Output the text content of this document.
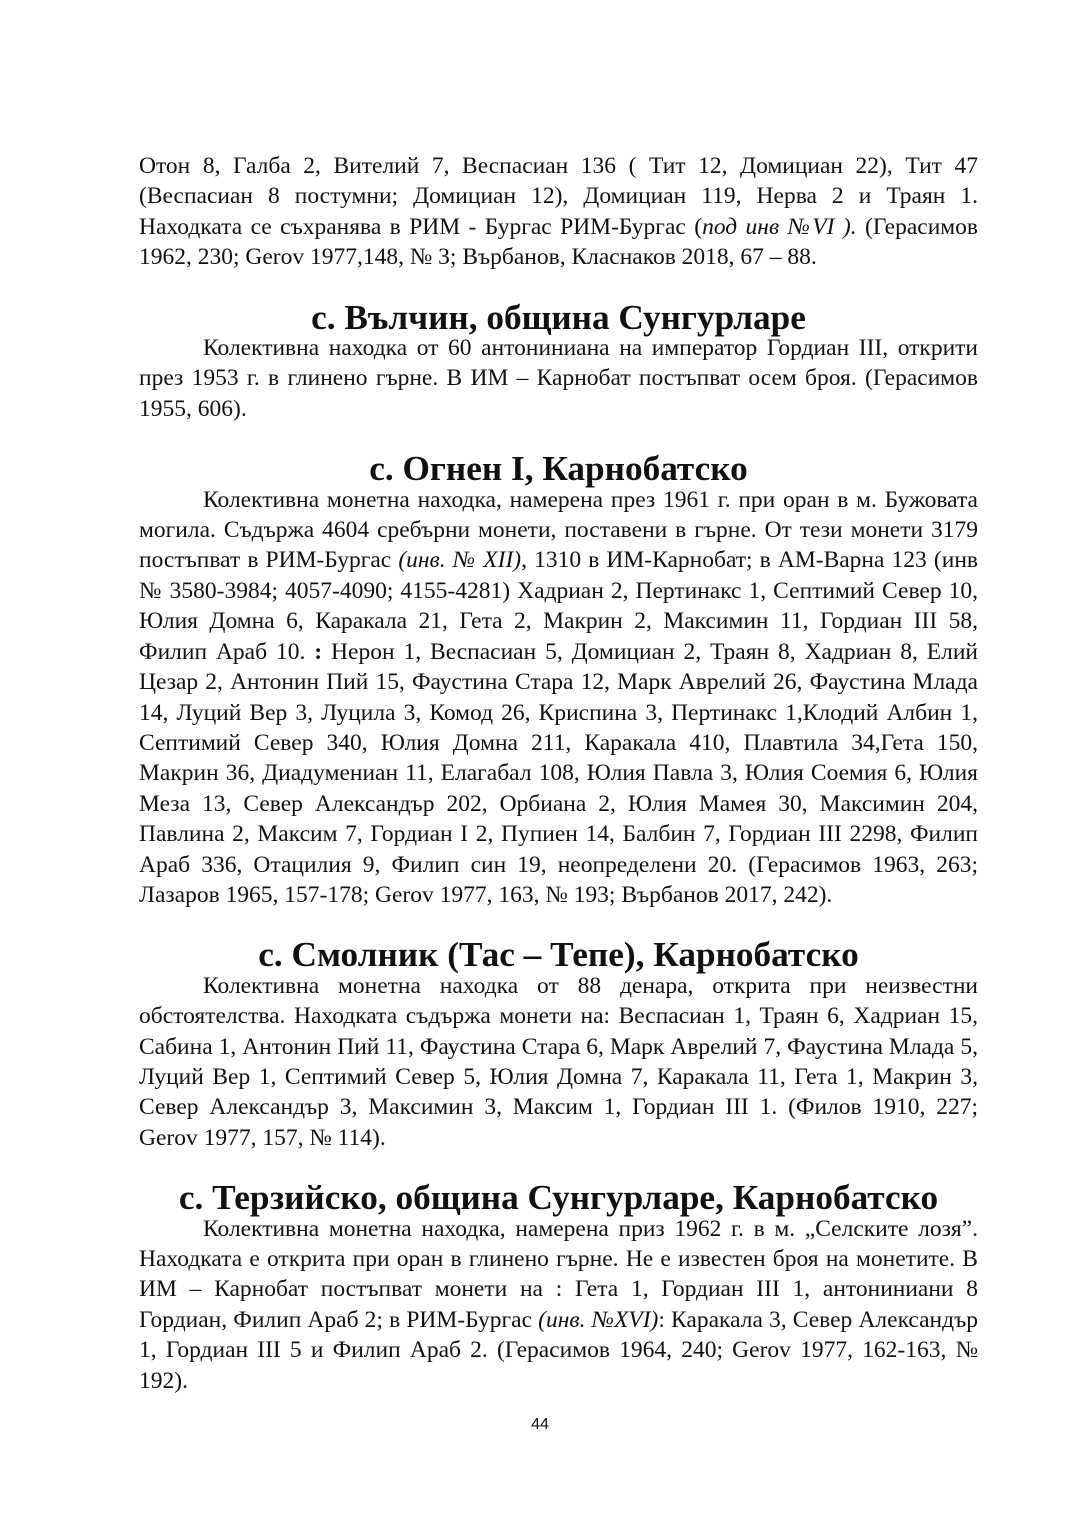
Отон 8, Галба 2, Вителий 7, Веспасиан 136 ( Тит 12, Домициан 22), Тит 47 (Веспасиан 8 постумни; Домициан 12), Домициан 119, Нерва 2 и Траян 1. Находката се съхранява в РИМ - Бургас РИМ-Бургас (под инв №VI ). (Герасимов 1962, 230; Gerov 1977,148, № 3; Върбанов, Класнаков 2018, 67 – 88.

с. Вълчин, община Сунгурларе

Колективна находка от 60 антониниана на император Гордиан III, открити през 1953 г. в глинено гърне. В ИМ – Карнобат постъпват осем броя. (Герасимов 1955, 606).

с. Огнен I, Карнобатско

Колективна монетна находка, намерена през 1961 г. при оран в м. Бужовата могила. Съдържа 4604 сребърни монети, поставени в гърне. От тези монети 3179 постъпват в РИМ-Бургас (инв. № XII), 1310 в ИМ-Карнобат; в АМ-Варна 123 (инв № 3580-3984; 4057-4090; 4155-4281) Хадриан 2, Пертинакс 1, Септимий Север 10, Юлия Домна 6, Каракала 21, Гета 2, Макрин 2, Максимин 11, Гордиан III 58, Филип Араб 10. : Нерон 1, Веспасиан 5, Домициан 2, Траян 8, Хадриан 8, Елий Цезар 2, Антонин Пий 15, Фаустина Стара 12, Марк Аврелий 26, Фаустина Млада 14, Луций Вер 3, Луцила 3, Комод 26, Криспина 3, Пертинакс 1,Клодий Албин 1, Септимий Север 340, Юлия Домна 211, Каракала 410, Плавтила 34,Гета 150, Макрин 36, Диадумениан 11, Елагабал 108, Юлия Павла 3, Юлия Соемия 6, Юлия Меза 13, Север Александър 202, Орбиана 2, Юлия Мамея 30, Максимин 204, Павлина 2, Максим 7, Гордиан I 2, Пупиен 14, Балбин 7, Гордиан III 2298, Филип Араб 336, Отацилия 9, Филип син 19, неопределени 20. (Герасимов 1963, 263; Лазаров 1965, 157-178; Gerov 1977, 163, № 193; Върбанов 2017, 242).

с. Смолник (Тас – Тепе), Карнобатско

Колективна монетна находка от 88 денара, открита при неизвестни обстоятелства. Находката съдържа монети на: Веспасиан 1, Траян 6, Хадриан 15, Сабина 1, Антонин Пий 11, Фаустина Стара 6, Марк Аврелий 7, Фаустина Млада 5, Луций Вер 1, Септимий Север 5, Юлия Домна 7, Каракала 11, Гета 1, Макрин 3, Север Александър 3, Максимин 3, Максим 1, Гордиан III 1. (Филов 1910, 227; Gerov 1977, 157, № 114).

с. Терзийско, община Сунгурларе, Карнобатско

Колективна монетна находка, намерена приз 1962 г. в м. „Селските лозя”. Находката е открита при оран в глинено гърне. Не е известен броя на монетите. В ИМ – Карнобат постъпват монети на : Гета 1, Гордиан III 1, антониниани 8 Гордиан, Филип Араб 2; в РИМ-Бургас (инв. №XVI): Каракала 3, Север Александър 1, Гордиан III 5 и Филип Араб 2. (Герасимов 1964, 240; Gerov 1977, 162-163, № 192).

44
